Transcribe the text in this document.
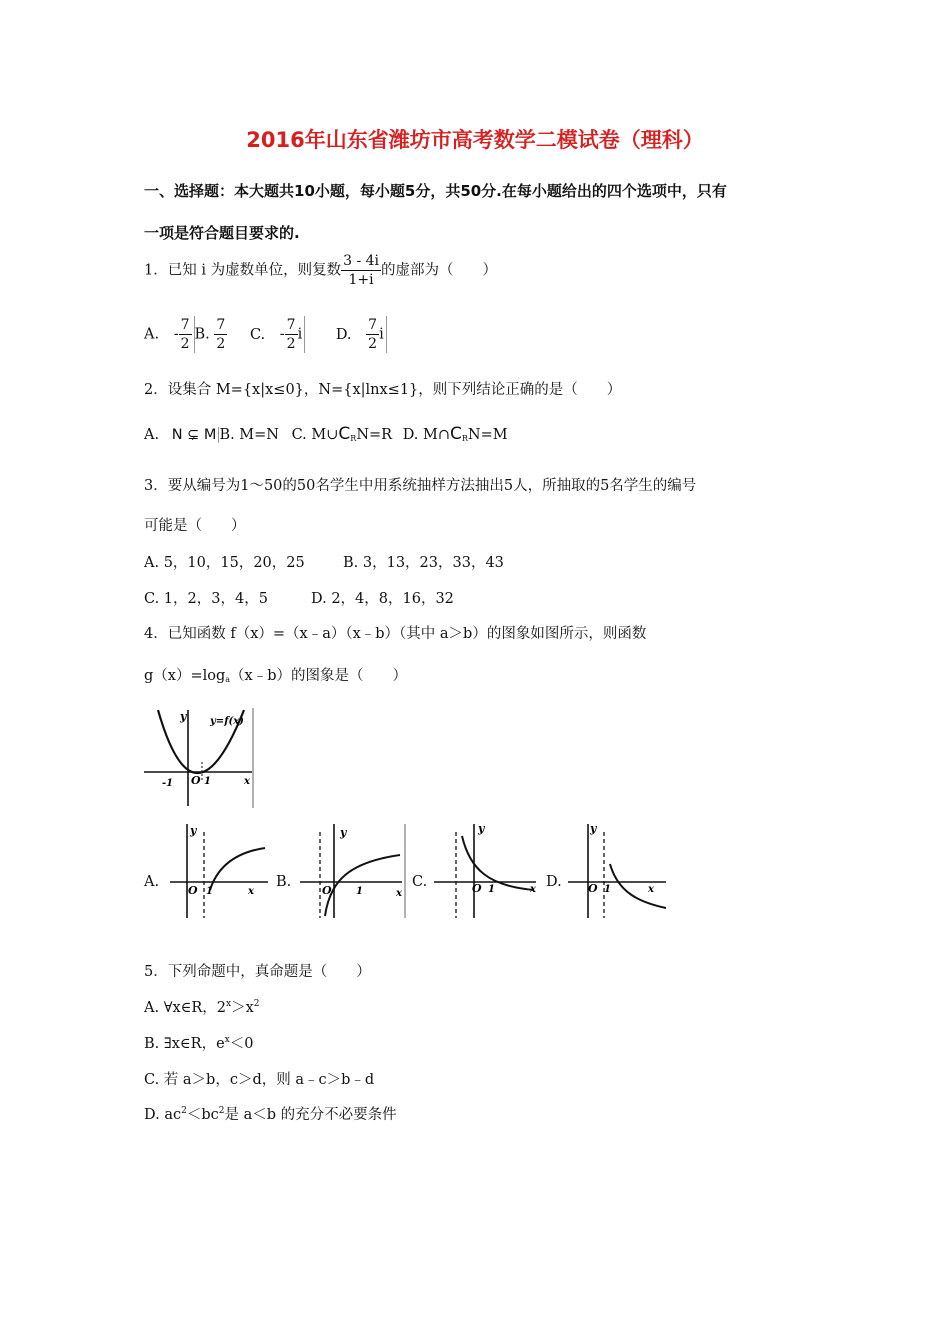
2016年山东省潍坊市高考数学二模试卷（理科）
一、选择题：本大题共10小题，每小题5分，共50分.在每小题给出的四个选项中，只有
一项是符合题目要求的.
1．已知 i 为虚数单位，则复数 $\frac{3 - 4i}{1+i}$ 的虚部为（　　）
A. - $\frac{7}{2} B$. $\frac{7}{2} C$. - $\frac{7}{2}$ i D. $\frac{7}{2}$ i
2．设集合 M={x|x≤0}，N={x|lnx≤1}，则下列结论正确的是（　　）
A. N ⊊ M B. M=N C. $M\cup C_RN=R$ D. $M\cap C_RN=M$
3．要从编号为1～50的50名学生中用系统抽样方法抽出5人，所抽取的5名学生的编号
可能是（　　）
A. 5，10，15，20，25	B. 3，13，23，33，43
C. 1，2，3，4，5	D. 2，4，8，16，32
4．已知函数 f（x）=（x﹣a）（x﹣b）（其中 a＞b）的图象如图所示，则函数
$g(x)=\log_a(x﹣b)$的图象是（　　）
y=f(x)
y
x
O
-1	1
A.
y
x
O 1
B.
y
x
O 1
C.
y
x
O 1	D.
y
x
O 1
5．下列命题中，真命题是（　　）
A. ∀x∈R，$2^x>x^2$
B. ∃x∈R，$e^x<0$
C. 若 a＞b，c＞d，则 a﹣c＞b﹣d
D. $ac^2<bc^2$是 a＜b 的充分不必要条件
